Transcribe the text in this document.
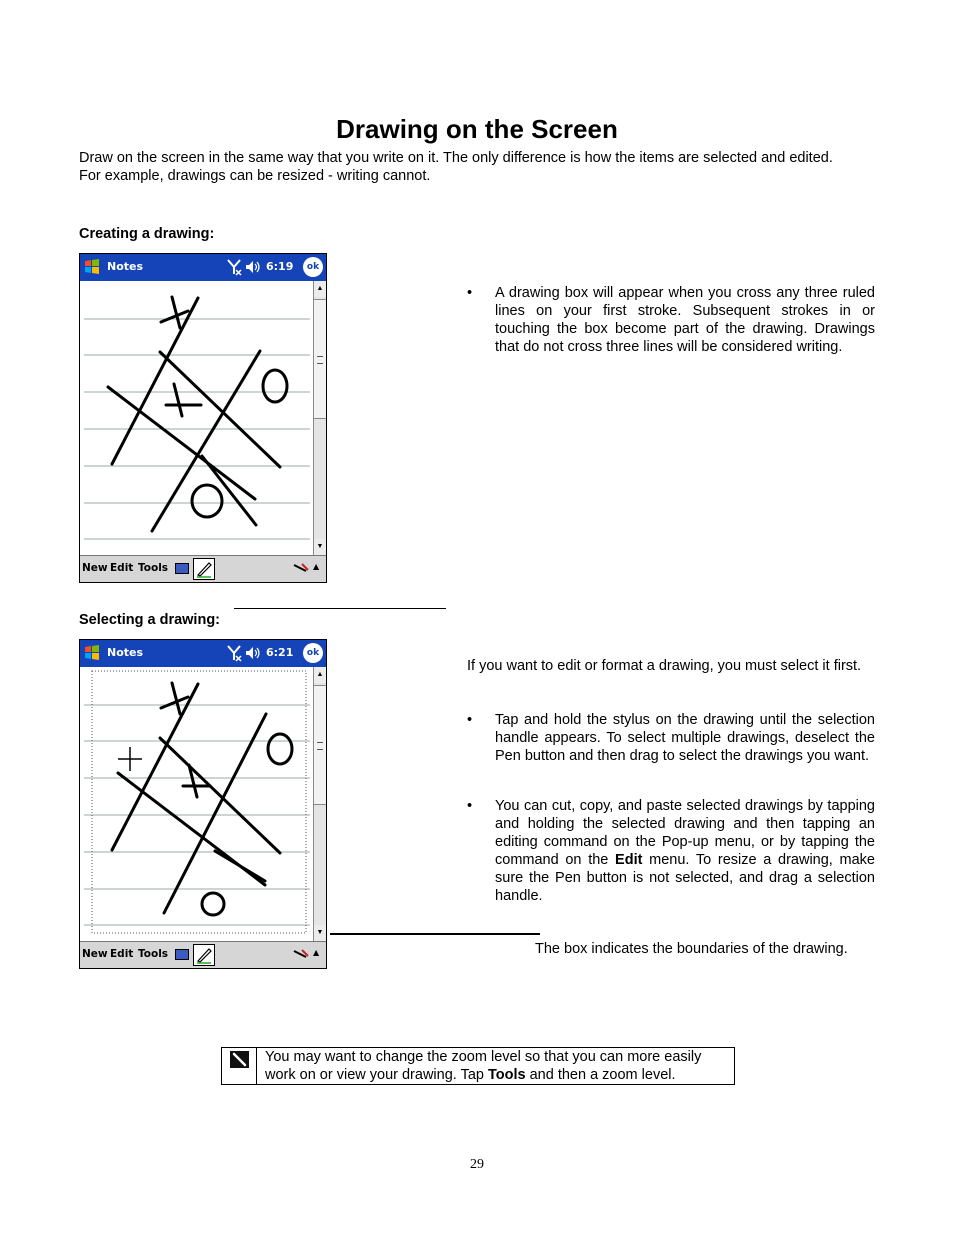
Drawing on the Screen
Draw on the screen in the same way that you write on it. The only difference is how the items are selected and edited.
For example, drawings can be resized - writing cannot.
Creating a drawing:
Notes	6:19	ok
▲
▼
New Edit Tools	▲
•	A drawing box will appear when you cross any three ruled lines on your first stroke. Subsequent strokes in or touching the box become part of the drawing. Drawings that do not cross three lines will be considered writing.
Selecting a drawing:
Notes	6:21	ok
▲
▼
New Edit Tools	▲
If you want to edit or format a drawing, you must select it first.
•	Tap and hold the stylus on the drawing until the selection handle appears. To select multiple drawings, deselect the Pen button and then drag to select the drawings you want.
•	You can cut, copy, and paste selected drawings by tapping and holding the selected drawing and then tapping an editing command on the Pop-up menu, or by tapping the command on the Edit menu. To resize a drawing, make sure the Pen button is not selected, and drag a selection handle.
The box indicates the boundaries of the drawing.
You may want to change the zoom level so that you can more easily
work on or view your drawing. Tap Tools and then a zoom level.
29
